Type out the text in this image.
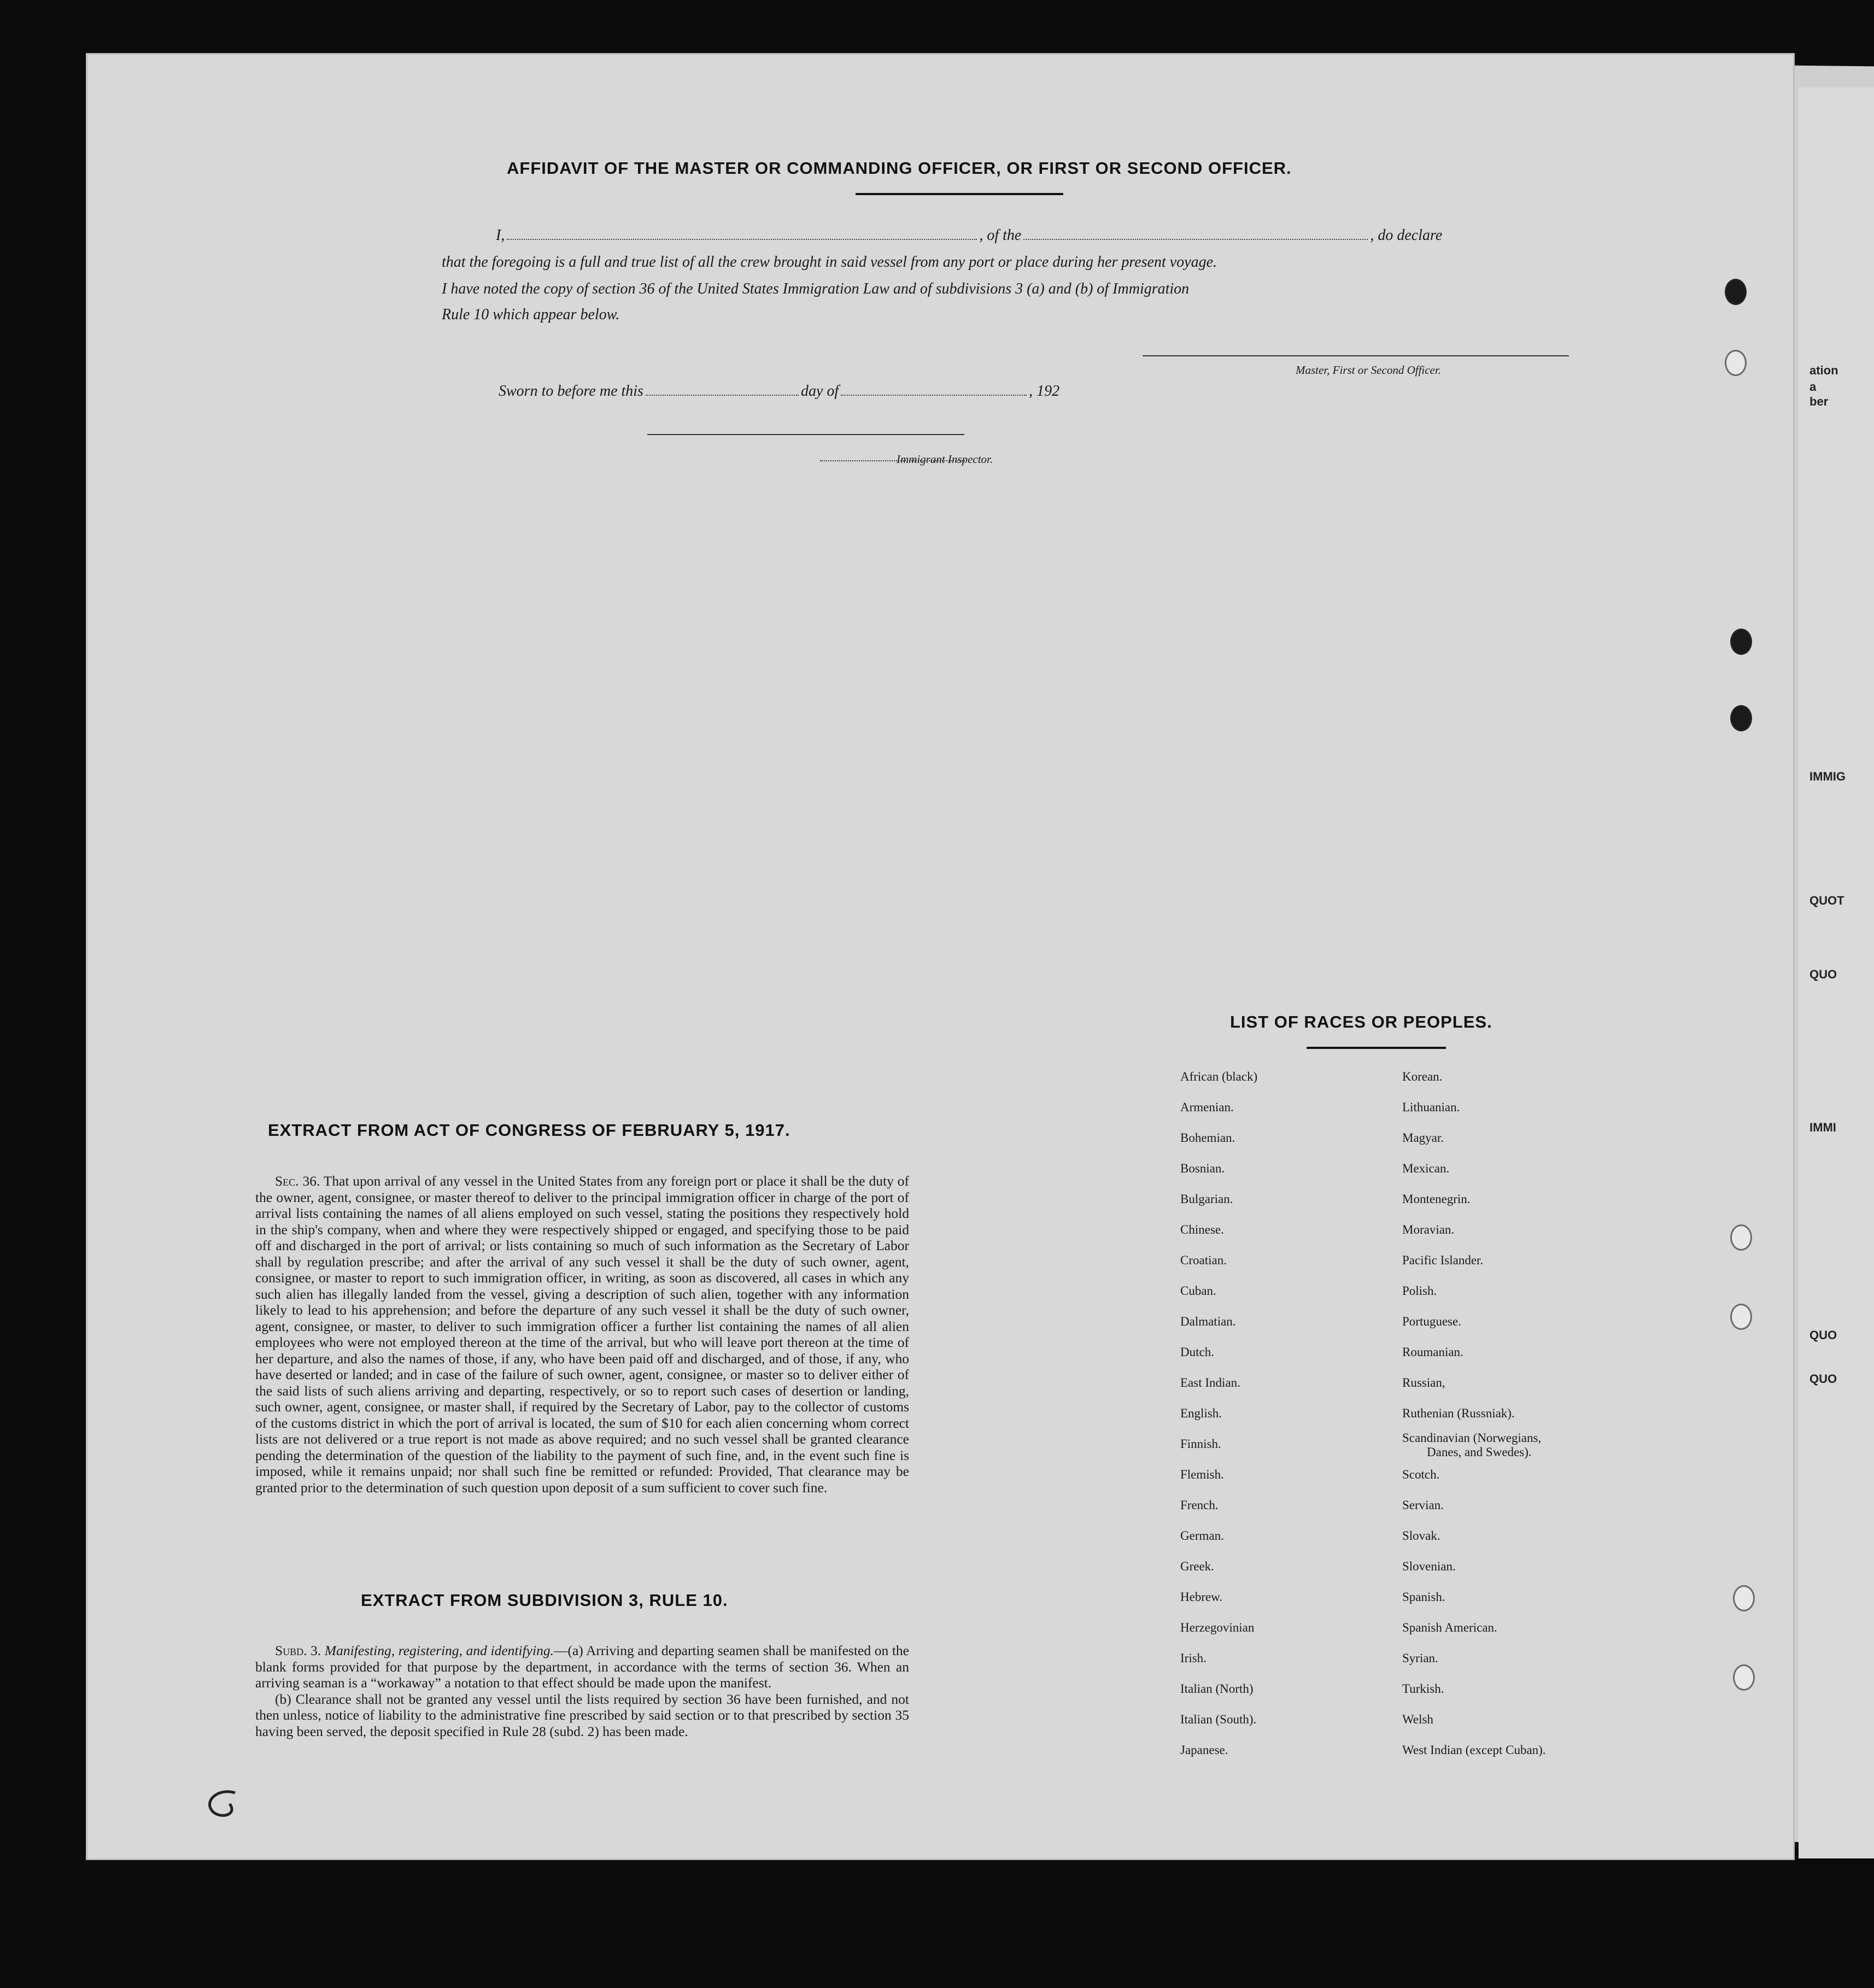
ation
a
ber
IMMIG
QUOT
QUO
IMMI
QUO
QUO
AFFIDAVIT OF THE MASTER OR COMMANDING OFFICER, OR FIRST OR SECOND OFFICER.
I,	, of the	, do declare
that the foregoing is a full and true list of all the crew brought in said vessel from any port or place during her present voyage.
I have noted the copy of section 36 of the United States Immigration Law and of subdivisions 3 (a) and (b) of Immigration
Rule 10 which appear below.
Master, First or Second Officer.
Sworn to before me this	day of	, 192
Immigrant Inspector.
EXTRACT FROM ACT OF CONGRESS OF FEBRUARY 5, 1917.
Sec. 36. That upon arrival of any vessel in the United States from any foreign port or place it shall be the duty of the owner, agent, consignee, or master thereof to deliver to the principal immigration officer in charge of the port of arrival lists containing the names of all aliens employed on such vessel, stating the positions they respectively hold in the ship's company, when and where they were respectively shipped or engaged, and specifying those to be paid off and discharged in the port of arrival; or lists containing so much of such information as the Secretary of Labor shall by regulation prescribe; and after the arrival of any such vessel it shall be the duty of such owner, agent, consignee, or master to report to such immigration officer, in writing, as soon as discovered, all cases in which any such alien has illegally landed from the vessel, giving a description of such alien, together with any information likely to lead to his apprehension; and before the departure of any such vessel it shall be the duty of such owner, agent, consignee, or master, to deliver to such immigration officer a further list containing the names of all alien employees who were not employed thereon at the time of the arrival, but who will leave port thereon at the time of her departure, and also the names of those, if any, who have been paid off and discharged, and of those, if any, who have deserted or landed; and in case of the failure of such owner, agent, consignee, or master so to deliver either of the said lists of such aliens arriving and departing, respectively, or so to report such cases of desertion or landing, such owner, agent, consignee, or master shall, if required by the Secretary of Labor, pay to the collector of customs of the customs district in which the port of arrival is located, the sum of $10 for each alien concerning whom correct lists are not delivered or a true report is not made as above required; and no such vessel shall be granted clearance pending the determination of the question of the liability to the payment of such fine, and, in the event such fine is imposed, while it remains unpaid; nor shall such fine be remitted or refunded: Provided, That clearance may be granted prior to the determination of such question upon deposit of a sum sufficient to cover such fine.
EXTRACT FROM SUBDIVISION 3, RULE 10.
Subd. 3. Manifesting, registering, and identifying.—(a) Arriving and departing seamen shall be manifested on the blank forms provided for that purpose by the department, in accordance with the terms of section 36. When an arriving seaman is a “workaway” a notation to that effect should be made upon the manifest.
(b) Clearance shall not be granted any vessel until the lists required by section 36 have been furnished, and not then unless, notice of liability to the administrative fine prescribed by said section or to that prescribed by section 35 having been served, the deposit specified in Rule 28 (subd. 2) has been made.
LIST OF RACES OR PEOPLES.
African (black)
Armenian.
Bohemian.
Bosnian.
Bulgarian.
Chinese.
Croatian.
Cuban.
Dalmatian.
Dutch.
East Indian.
English.
Finnish.
Flemish.
French.
German.
Greek.
Hebrew.
Herzegovinian
Irish.
Italian (North)
Italian (South).
Japanese.
Korean.
Lithuanian.
Magyar.
Mexican.
Montenegrin.
Moravian.
Pacific Islander.
Polish.
Portuguese.
Roumanian.
Russian,
Ruthenian (Russniak).
Scandinavian (Norwegians,
Danes, and Swedes).
Scotch.
Servian.
Slovak.
Slovenian.
Spanish.
Spanish American.
Syrian.
Turkish.
Welsh
West Indian (except Cuban).
